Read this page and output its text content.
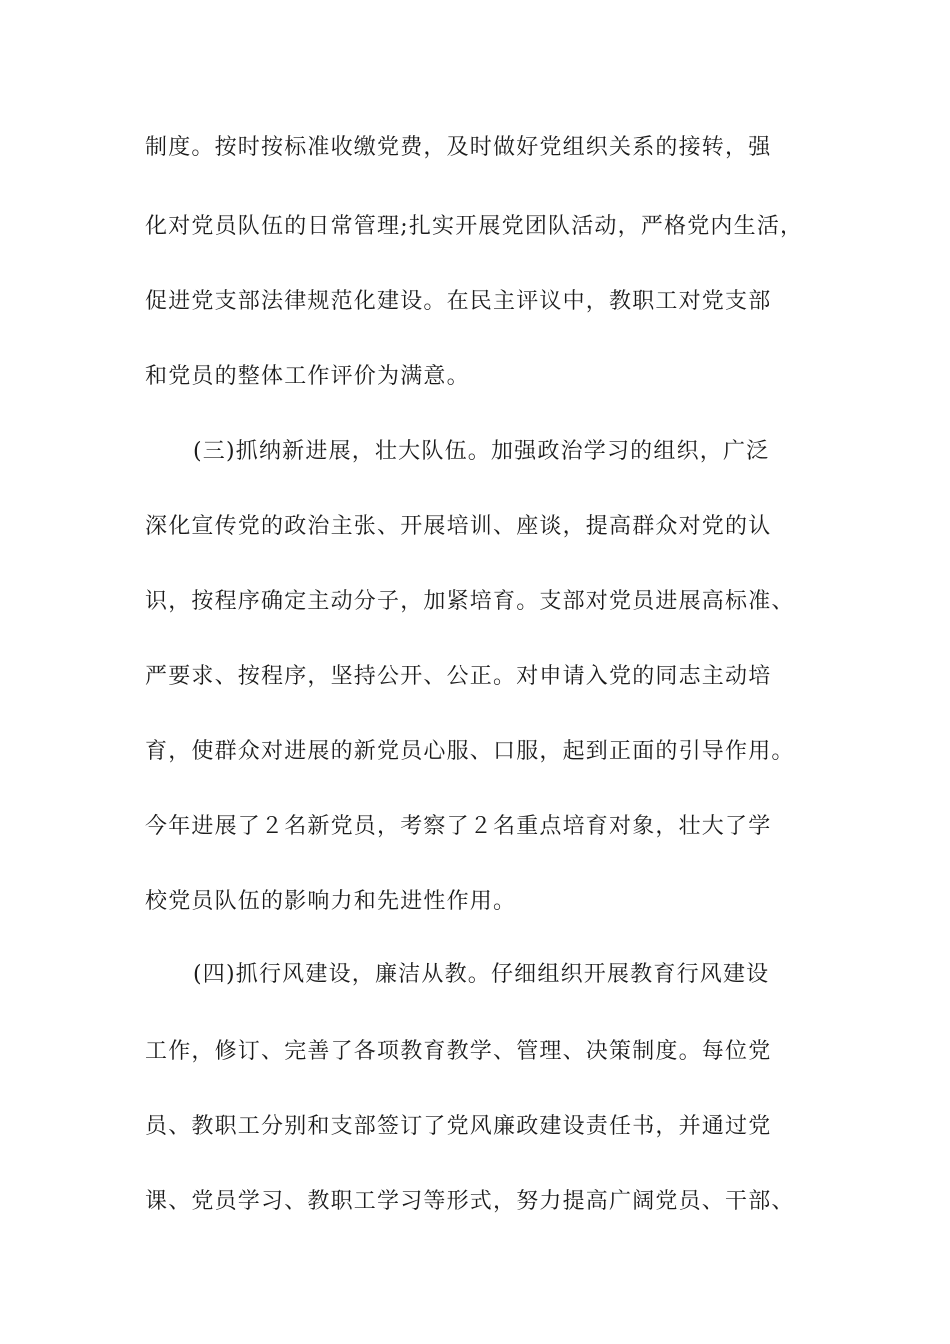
制度。按时按标准收缴党费，及时做好党组织关系的接转，强
化对党员队伍的日常管理;扎实开展党团队活动，严格党内生活，
促进党支部法律规范化建设。在民主评议中，教职工对党支部
和党员的整体工作评价为满意。
(三)抓纳新进展，壮大队伍。加强政治学习的组织，广泛
深化宣传党的政治主张、开展培训、座谈，提高群众对党的认
识，按程序确定主动分子，加紧培育。支部对党员进展高标准、
严要求、按程序，坚持公开、公正。对申请入党的同志主动培
育，使群众对进展的新党员心服、口服，起到正面的引导作用。
今年进展了２名新党员，考察了２名重点培育对象，壮大了学
校党员队伍的影响力和先进性作用。
(四)抓行风建设，廉洁从教。仔细组织开展教育行风建设
工作，修订、完善了各项教育教学、管理、决策制度。每位党
员、教职工分别和支部签订了党风廉政建设责任书，并通过党
课、党员学习、教职工学习等形式，努力提高广阔党员、干部、
